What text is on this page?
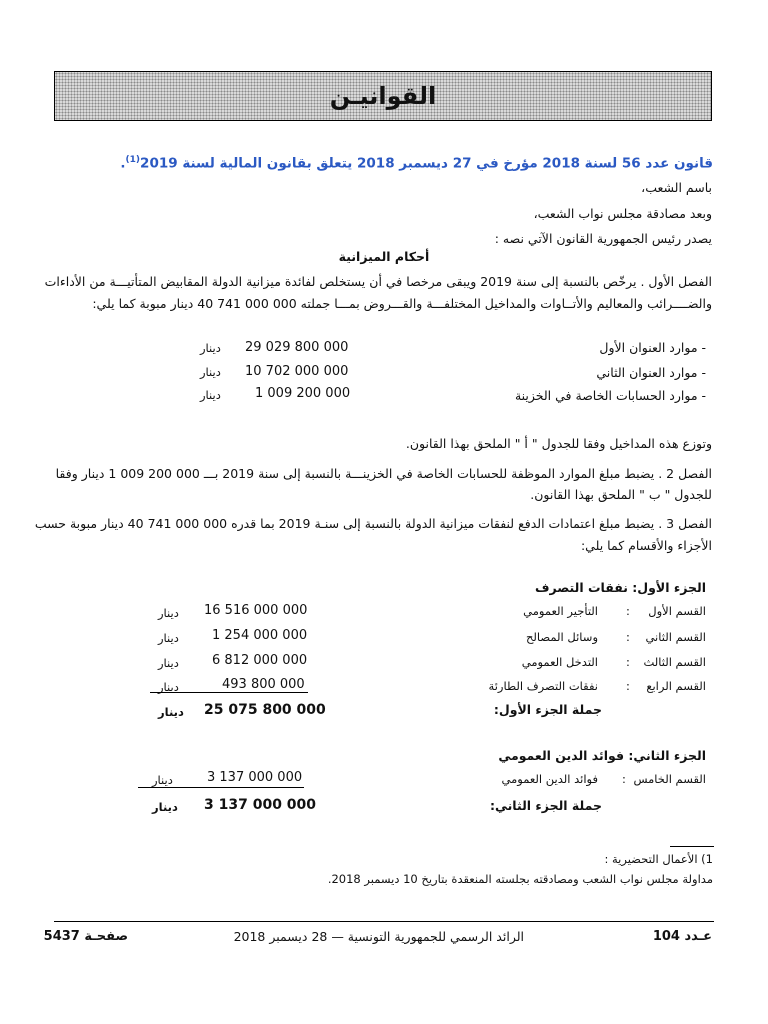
القوانيـن
قانون عدد 56 لسنة 2018 مؤرخ في 27 ديسمبر 2018 يتعلق بقانون المالية لسنة 2019$^{(1)}$.
باسم الشعب،
وبعد مصادقة مجلس نواب الشعب،
يصدر رئيس الجمهورية القانون الآتي نصه :
أحكام الميزانية
الفصل الأول . يرخّص بالنسبة إلى سنة 2019 ويبقى مرخصا في أن يستخلص لفائدة ميزانية الدولة المقابيض المتأتيـــة من الأداءات
والضــــرائب والمعاليم والأتــاوات والمداخيل المختلفـــة والقـــروض بمـــا جملته 000 000 741 40 دينار مبوبة كما يلي:
- موارد العنوان الأول
29 029 800 000
دينار
- موارد العنوان الثاني
10 702 000 000
دينار
- موارد الحسابات الخاصة في الخزينة
1 009 200 000
دينار
وتوزع هذه المداخيل وفقا للجدول " أ " الملحق بهذا القانون.
الفصل 2 . يضبط مبلغ الموارد الموظفة للحسابات الخاصة في الخزينـــة بالنسبة إلى سنة 2019 بـــ 000 200 009 1 دينار وفقا
للجدول " ب " الملحق بهذا القانون.
الفصل 3 . يضبط مبلغ اعتمادات الدفع لنفقات ميزانية الدولة بالنسبة إلى سنـة 2019 بما قدره 000 000 741 40 دينار مبوبة حسب
الأجزاء والأقسام كما يلي:
الجزء الأول: نفقات التصرف
القسم الأول
:
التأجير العمومي
16 516 000 000
دينار
القسم الثاني
:
وسائل المصالح
1 254 000 000
دينار
القسم الثالث
:
التدخل العمومي
6 812 000 000
دينار
القسم الرابع
:
نفقات التصرف الطارئة
493 800 000
دينار
جملة الجزء الأول:
25 075 800 000
دينار
الجزء الثاني: فوائد الدين العمومي
القسم الخامس
:
فوائد الدين العمومي
3 137 000 000
دينار
جملة الجزء الثاني:
3 137 000 000
دينار
1) الأعمال التحضيرية :
مداولة مجلس نواب الشعب ومصادقته بجلسته المنعقدة بتاريخ 10 ديسمبر 2018.
عـدد 104
الرائد الرسمي للجمهورية التونسية — 28 ديسمبر 2018
صفحـة 5437
